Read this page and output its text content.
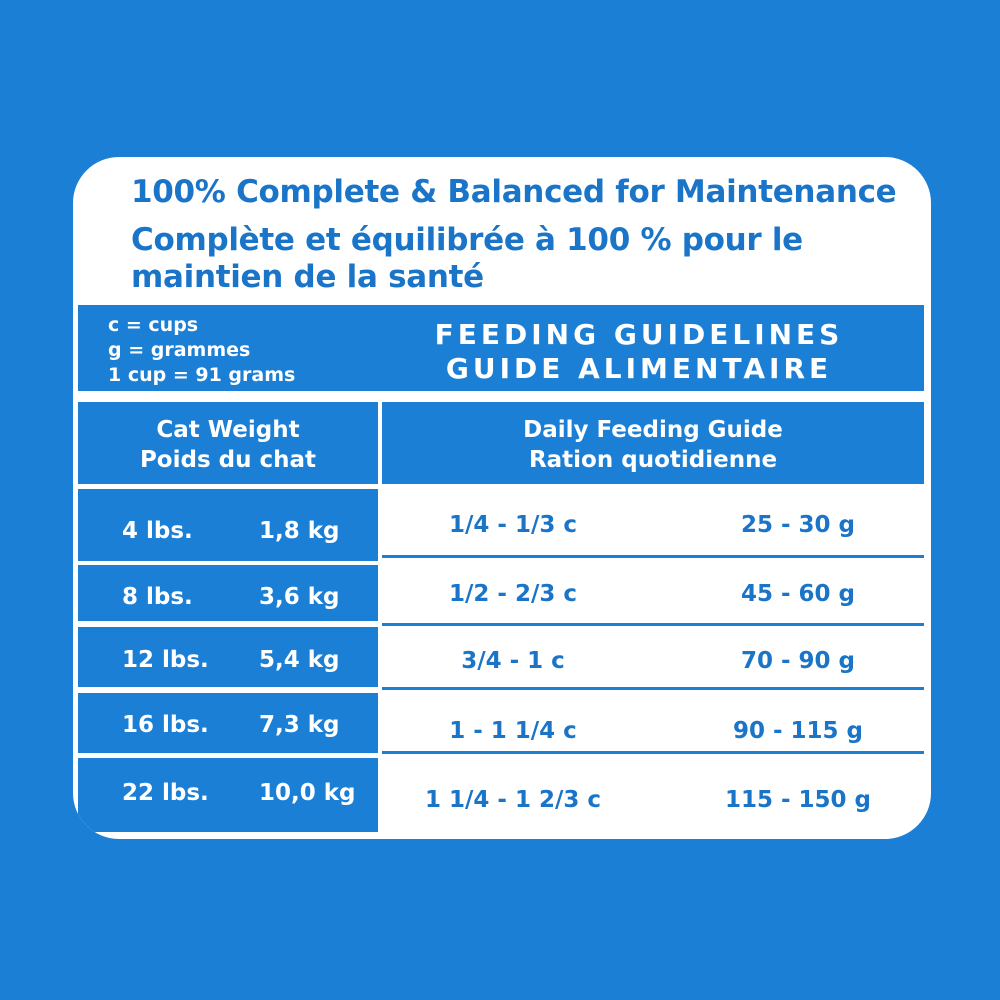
100% Complete & Balanced for Maintenance
Complète et équilibrée à 100 % pour le
maintien de la santé
c = cups
g = grammes
1 cup = 91 grams
FEEDING GUIDELINES
GUIDE ALIMENTAIRE
Cat Weight
Poids du chat
Daily Feeding Guide
Ration quotidienne
4 lbs.	1,8 kg	1/4 - 1/3 c	25 - 30 g
8 lbs.	3,6 kg	1/2 - 2/3 c	45 - 60 g
12 lbs. 5,4 kg	3/4 - 1 c	70 - 90 g
16 lbs. 7,3 kg	1 - 1 1/4 c	90 - 115 g
22 lbs. 10,0 kg	1 1/4 - 1 2/3 c	115 - 150 g
